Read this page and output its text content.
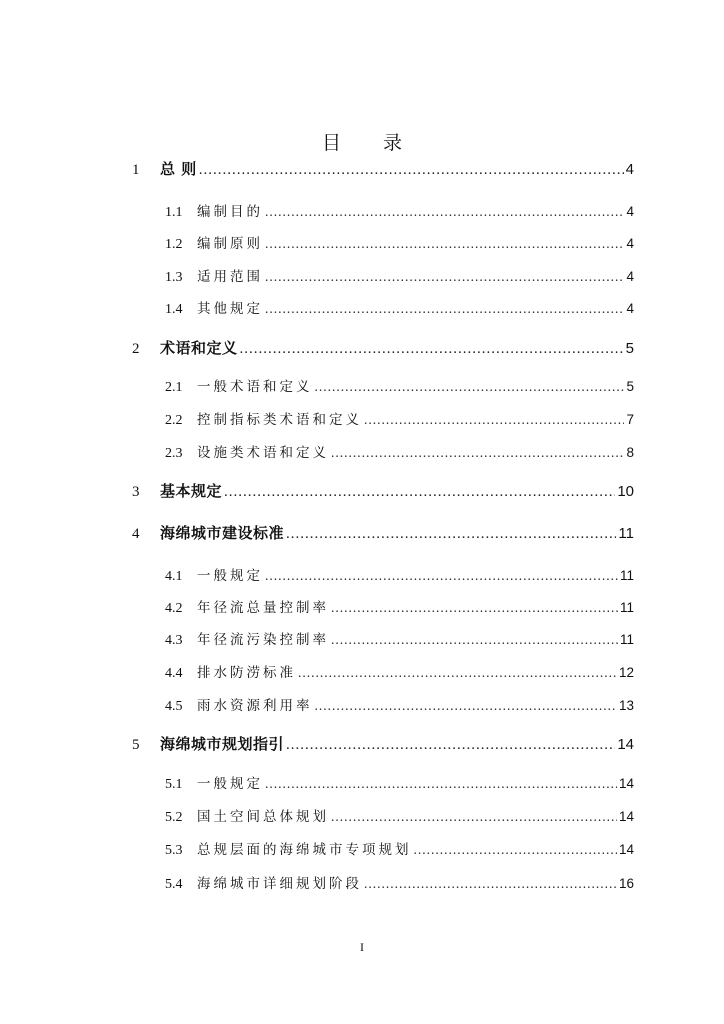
目 录
1	总 则 .....	4
1.1	编制目的 .....	4
1.2	编制原则 .....	4
1.3	适用范围 .....	4
1.4	其他规定 .....	4
2	术语和定义 .....	5
2.1	一般术语和定义 .....	5
2.2	控制指标类术语和定义 .....	7
2.3	设施类术语和定义 .....	8
3	基本规定 .....	10
4	海绵城市建设标准 .....	11
4.1	一般规定 .....	11
4.2	年径流总量控制率 .....	11
4.3	年径流污染控制率 .....	11
4.4	排水防涝标准 .....	12
4.5	雨水资源利用率 .....	13
5	海绵城市规划指引 .....	14
5.1	一般规定 .....	14
5.2	国土空间总体规划 .....	14
5.3	总规层面的海绵城市专项规划 .....	14
5.4	海绵城市详细规划阶段 .....	16
I
